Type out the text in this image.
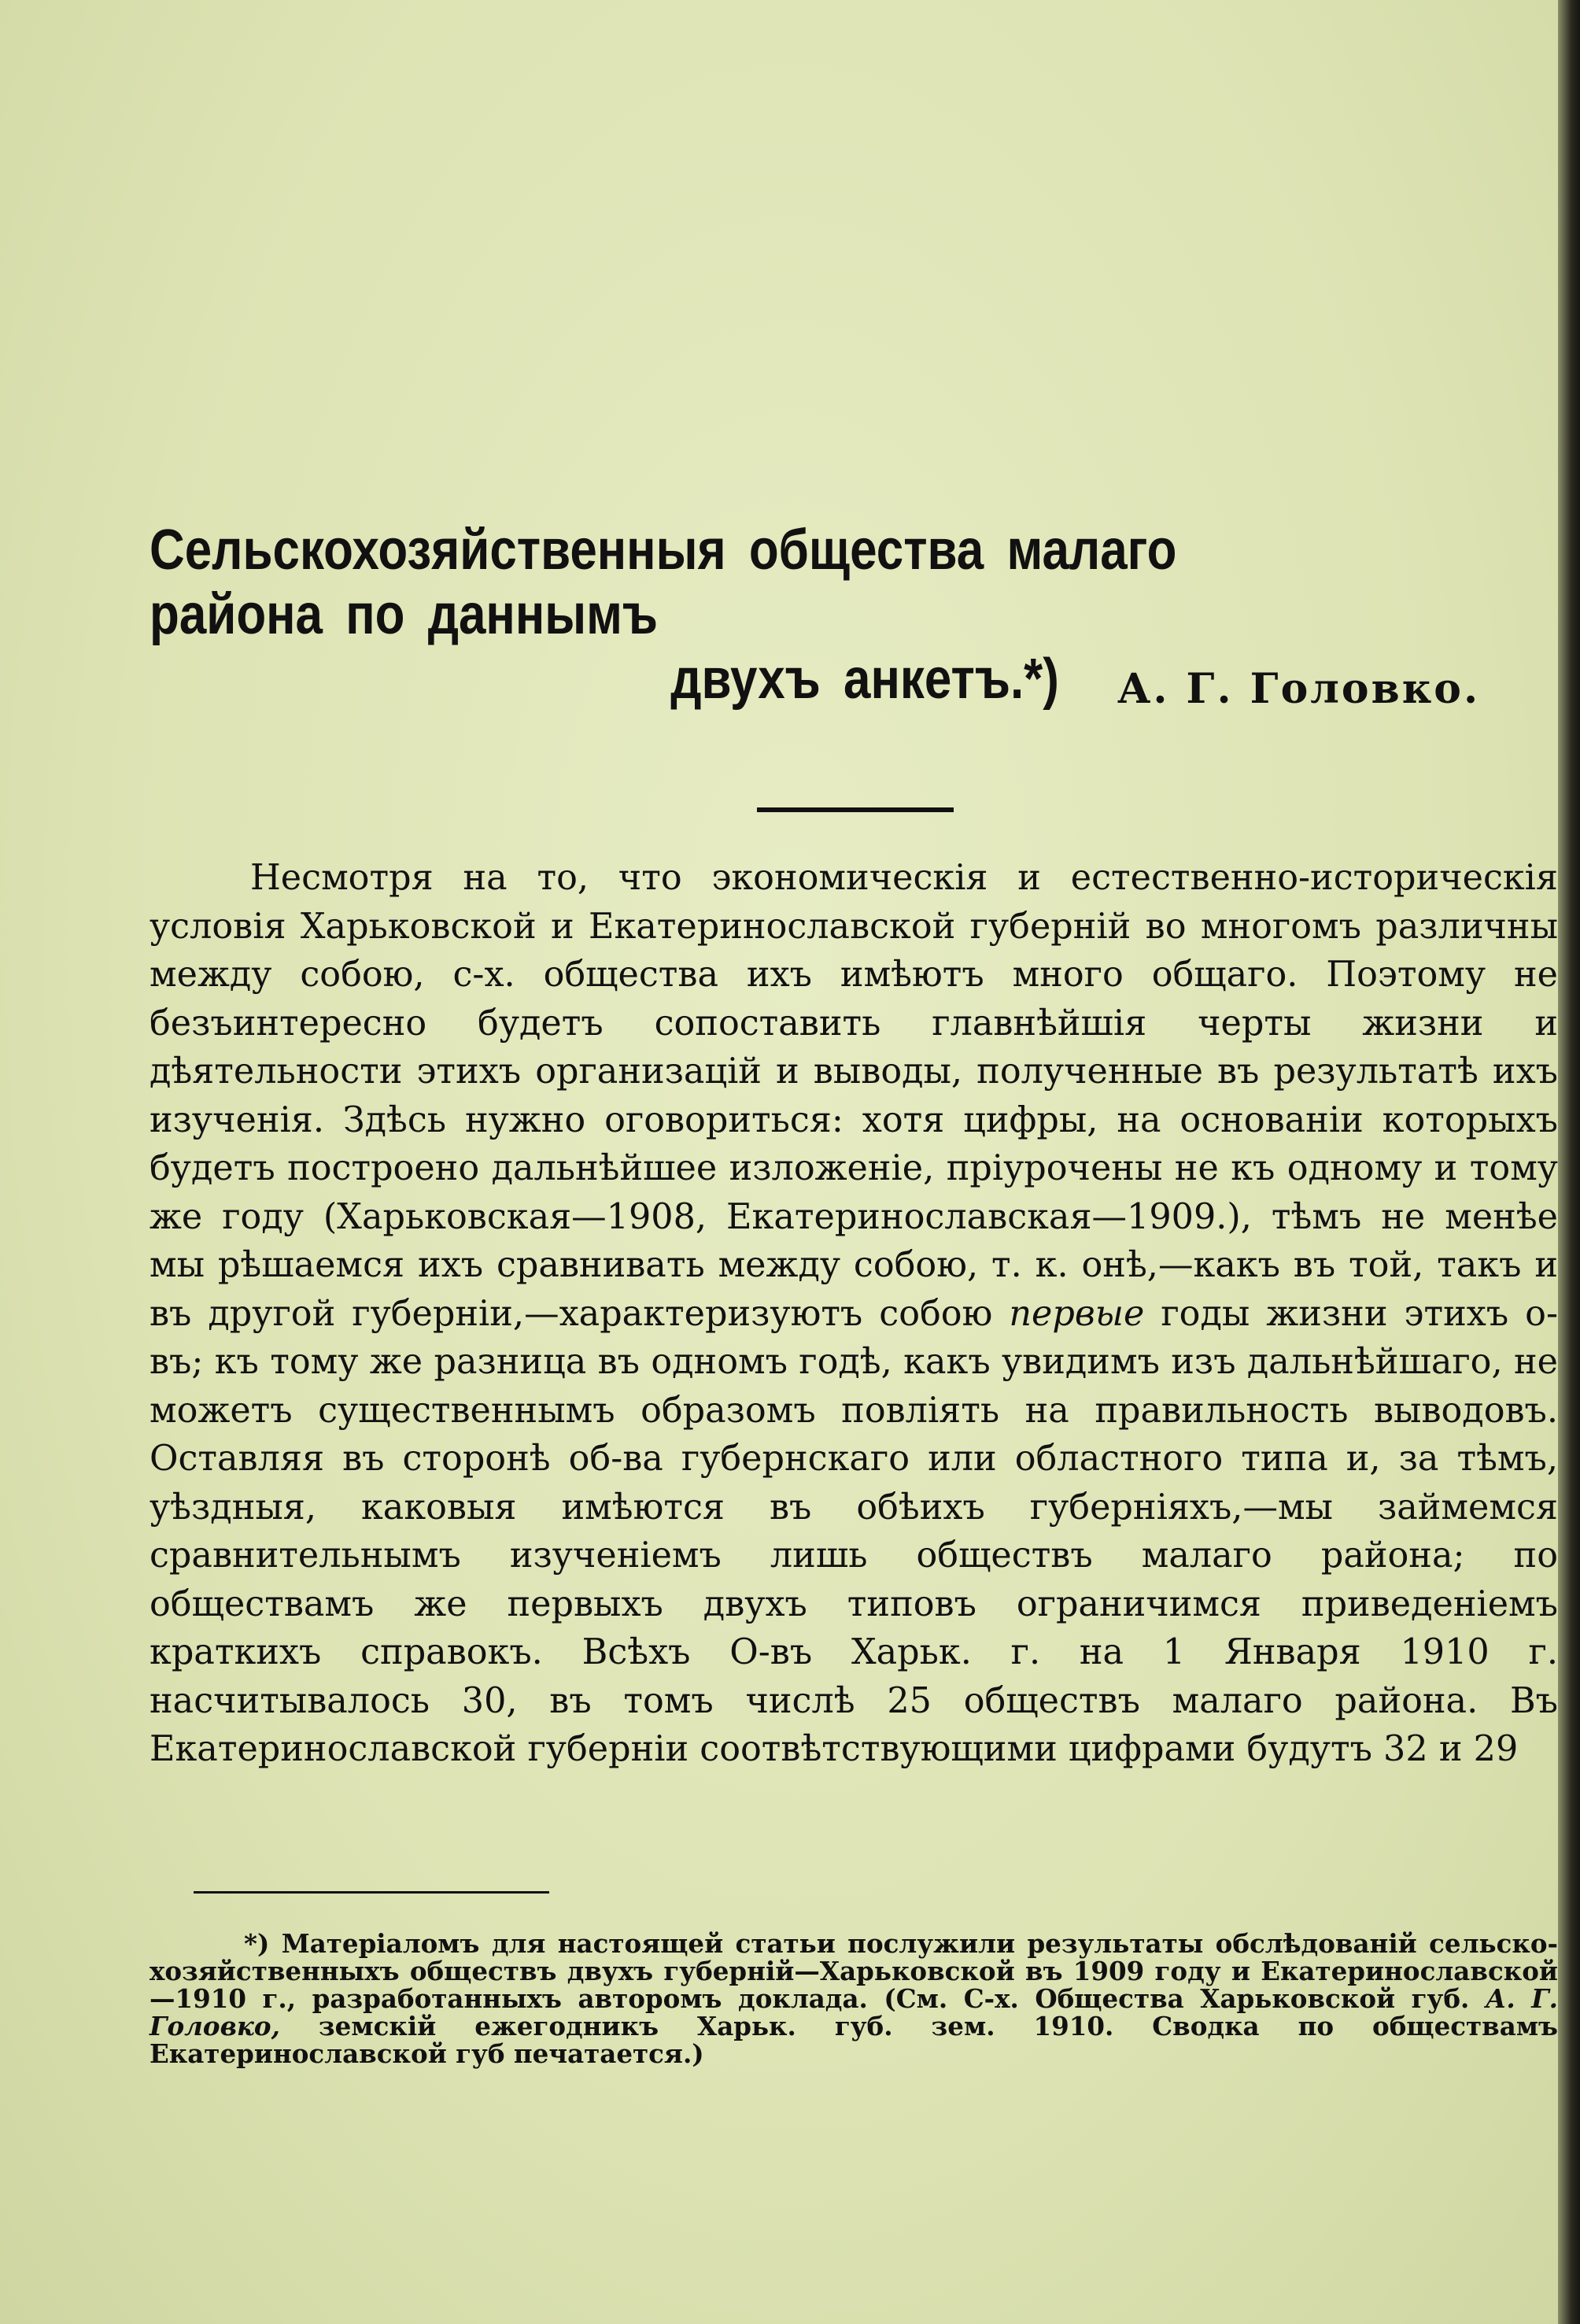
Сельскохозяйственныя общества малаго района по даннымъ
двухъ анкетъ.*)	А. Г. Головко.

Несмотря на то, что экономическія и естественно-историческія условія Харьковской и Екатеринославской губерній во многомъ различны между собою, с-х. общества ихъ имѣютъ много общаго. Поэтому не безъинтересно будетъ сопоставить главнѣйшія черты жизни и дѣятельности этихъ организацій и выводы, полученные въ результатѣ ихъ изученія. Здѣсь нужно оговориться: хотя цифры, на основаніи которыхъ будетъ построено дальнѣйшее изложеніе, пріурочены не къ одному и тому же году (Харьковская—1908, Екатеринославская—1909.), тѣмъ не менѣе мы рѣшаемся ихъ сравнивать между собою, т. к. онѣ,—какъ въ той, такъ и въ другой губерніи,—характеризуютъ собою первые годы жизни этихъ о-въ; къ тому же разница въ одномъ годѣ, какъ увидимъ изъ дальнѣйшаго, не можетъ существеннымъ образомъ повліять на правильность выводовъ. Оставляя въ сторонѣ об-ва губернскаго или областного типа и, за тѣмъ, уѣздныя, каковыя имѣются въ обѣихъ губерніяхъ,—мы займемся сравнительнымъ изученіемъ лишь обществъ малаго района; по обществамъ же первыхъ двухъ типовъ ограничимся приведеніемъ краткихъ справокъ. Всѣхъ О-въ Харьк. г. на 1 Января 1910 г. насчитывалось 30, въ томъ числѣ 25 обществъ малаго района. Въ Екатеринославской губерніи соотвѣтствующими цифрами будутъ 32 и 29

*) Матеріаломъ для настоящей статьи послужили результаты обслѣдованій сельско-хозяйственныхъ обществъ двухъ губерній—Харьковской въ 1909 году и Екатеринославской—1910 г., разработанныхъ авторомъ доклада. (См. С-х. Общества Харьковской губ. А. Г. Головко, земскій ежегодникъ Харьк. губ. зем. 1910. Сводка по обществамъ Екатеринославской губ печатается.)
